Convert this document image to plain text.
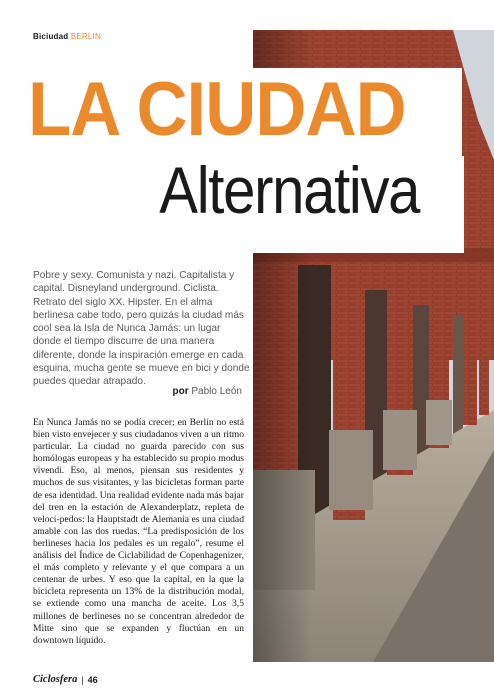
Biciudad BERLIN
LA CIUDAD
Alternativa

Pobre y sexy. Comunista y nazi. Capitalista y capital. Disneyland underground. Ciclista. Retrato del siglo XX. Hipster. En el alma berlinesa cabe todo, pero quizás la ciudad más cool sea la Isla de Nunca Jamás: un lugar donde el tiempo discurre de una manera diferente, donde la inspiración emerge en cada esquina, mucha gente se mueve en bici y donde puedes quedar atrapado.

por Pablo León

En Nunca Jamás no se podía crecer; en Berlín no está bien visto envejecer y sus ciudadanos viven a un ritmo particular. La ciudad no guarda parecido con sus homólogas europeas y ha establecido su propio modus vivendi. Eso, al menos, piensan sus residentes y muchos de sus visitantes, y las bicicletas forman parte de esa identidad. Una realidad evidente nada más bajar del tren en la estación de Alexanderplatz, repleta de veloci-pedos: la Hauptstadt de Alemania es una ciudad amable con las dos ruedas. “La predisposición de los berlineses hacia los pedales es un regalo”, resume el análisis del Índice de Ciclabilidad de Copenhagenizer, el más completo y relevante y el que compara a un centenar de urbes. Y eso que la capital, en la que la bicicleta representa un 13% de la distribución modal, se extiende como una mancha de aceite. Los 3,5 millones de berlineses no se concentran alrededor de Mitte sino que se expanden y fluctúan en un downtown líquido.

Ciclosfera | 46
